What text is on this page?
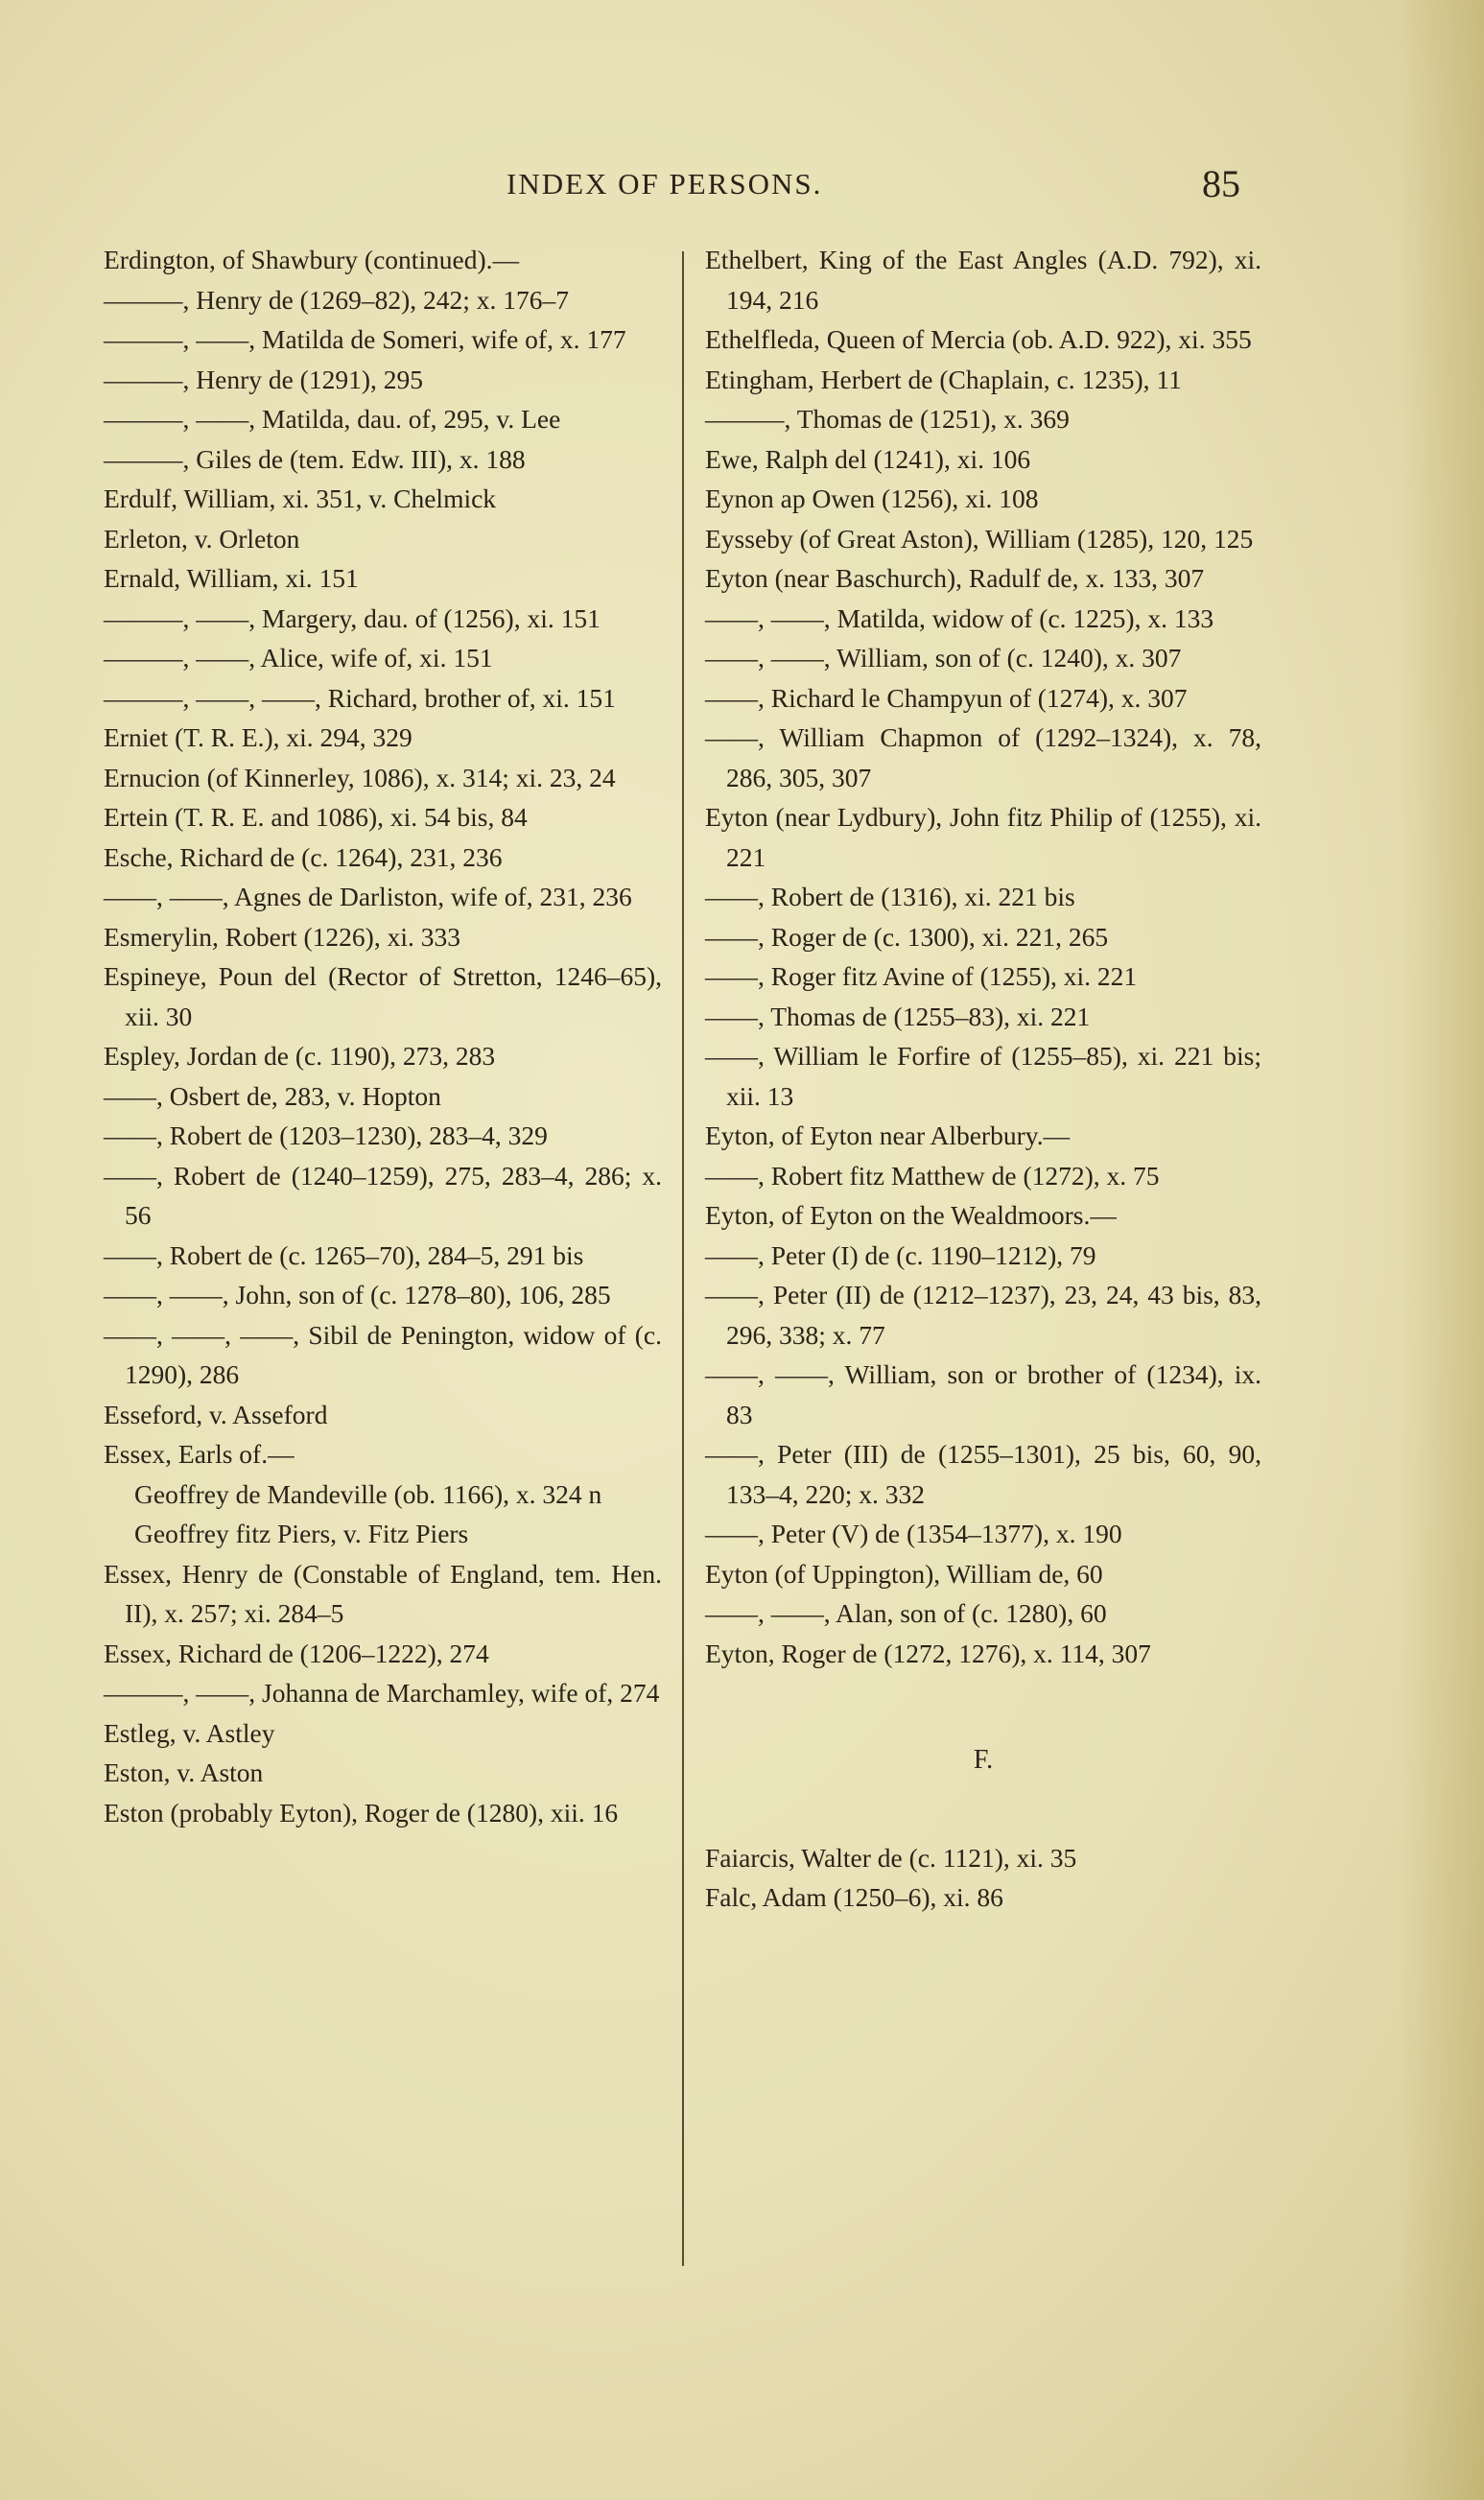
INDEX OF PERSONS.	85
Erdington, of Shawbury (continued).—
———, Henry de (1269–82), 242; x. 176–7
———, ——, Matilda de Someri, wife of, x. 177
———, Henry de (1291), 295
———, ——, Matilda, dau. of, 295, v. Lee
———, Giles de (tem. Edw. III), x. 188
Erdulf, William, xi. 351, v. Chelmick
Erleton, v. Orleton
Ernald, William, xi. 151
———, ——, Margery, dau. of (1256), xi. 151
———, ——, Alice, wife of, xi. 151
———, ——, ——, Richard, brother of, xi. 151
Erniet (T. R. E.), xi. 294, 329
Ernucion (of Kinnerley, 1086), x. 314; xi. 23, 24
Ertein (T. R. E. and 1086), xi. 54 bis, 84
Esche, Richard de (c. 1264), 231, 236
——, ——, Agnes de Darliston, wife of, 231, 236
Esmerylin, Robert (1226), xi. 333
Espineye, Poun del (Rector of Stretton, 1246–65), xii. 30
Espley, Jordan de (c. 1190), 273, 283
——, Osbert de, 283, v. Hopton
——, Robert de (1203–1230), 283–4, 329
——, Robert de (1240–1259), 275, 283–4, 286; x. 56
——, Robert de (c. 1265–70), 284–5, 291 bis
——, ——, John, son of (c. 1278–80), 106, 285
——, ——, ——, Sibil de Penington, widow of (c. 1290), 286
Esseford, v. Asseford
Essex, Earls of.—
Geoffrey de Mandeville (ob. 1166), x. 324 n
Geoffrey fitz Piers, v. Fitz Piers
Essex, Henry de (Constable of England, tem. Hen. II), x. 257; xi. 284–5
Essex, Richard de (1206–1222), 274
———, ——, Johanna de Marchamley, wife of, 274
Estleg, v. Astley
Eston, v. Aston
Eston (probably Eyton), Roger de (1280), xii. 16
Ethelbert, King of the East Angles (A.D. 792), xi. 194, 216
Ethelfleda, Queen of Mercia (ob. A.D. 922), xi. 355
Etingham, Herbert de (Chaplain, c. 1235), 11
———, Thomas de (1251), x. 369
Ewe, Ralph del (1241), xi. 106
Eynon ap Owen (1256), xi. 108
Eysseby (of Great Aston), William (1285), 120, 125
Eyton (near Baschurch), Radulf de, x. 133, 307
——, ——, Matilda, widow of (c. 1225), x. 133
——, ——, William, son of (c. 1240), x. 307
——, Richard le Champyun of (1274), x. 307
——, William Chapmon of (1292–1324), x. 78, 286, 305, 307
Eyton (near Lydbury), John fitz Philip of (1255), xi. 221
——, Robert de (1316), xi. 221 bis
——, Roger de (c. 1300), xi. 221, 265
——, Roger fitz Avine of (1255), xi. 221
——, Thomas de (1255–83), xi. 221
——, William le Forfire of (1255–85), xi. 221 bis; xii. 13
Eyton, of Eyton near Alberbury.—
——, Robert fitz Matthew de (1272), x. 75
Eyton, of Eyton on the Wealdmoors.—
——, Peter (I) de (c. 1190–1212), 79
——, Peter (II) de (1212–1237), 23, 24, 43 bis, 83, 296, 338; x. 77
——, ——, William, son or brother of (1234), ix. 83
——, Peter (III) de (1255–1301), 25 bis, 60, 90, 133–4, 220; x. 332
——, Peter (V) de (1354–1377), x. 190
Eyton (of Uppington), William de, 60
——, ——, Alan, son of (c. 1280), 60
Eyton, Roger de (1272, 1276), x. 114, 307
F.
Faiarcis, Walter de (c. 1121), xi. 35
Falc, Adam (1250–6), xi. 86
